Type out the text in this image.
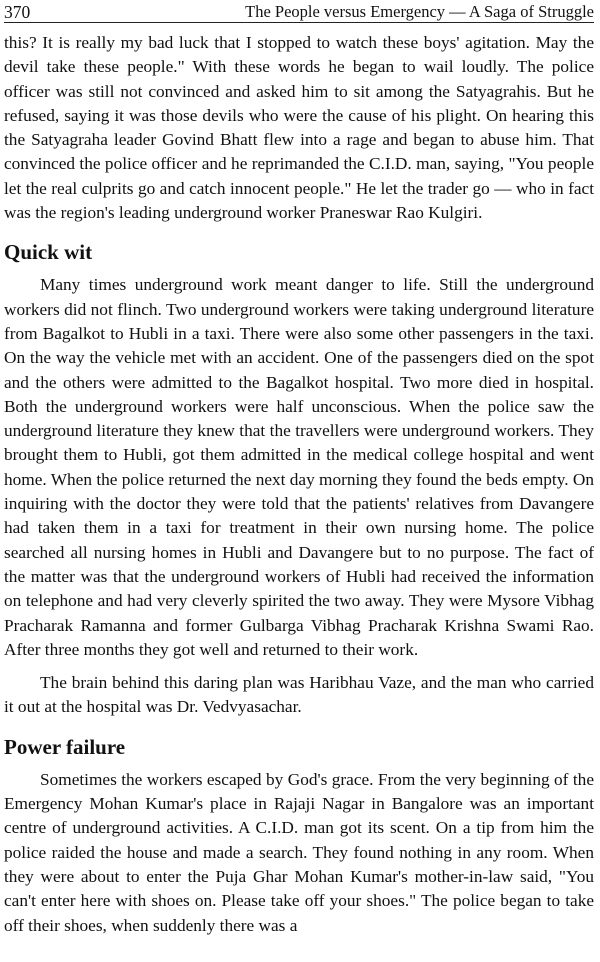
370	The People versus Emergency — A Saga of Struggle

this? It is really my bad luck that I stopped to watch these boys' agitation. May the devil take these people." With these words he began to wail loudly. The police officer was still not convinced and asked him to sit among the Satyagrahis. But he refused, saying it was those devils who were the cause of his plight. On hearing this the Satyagraha leader Govind Bhatt flew into a rage and began to abuse him. That convinced the police officer and he reprimanded the C.I.D. man, saying, "You people let the real culprits go and catch innocent people." He let the trader go — who in fact was the region's leading underground worker Praneswar Rao Kulgiri.

Quick wit

Many times underground work meant danger to life. Still the underground workers did not flinch. Two underground workers were taking underground literature from Bagalkot to Hubli in a taxi. There were also some other passengers in the taxi. On the way the vehicle met with an accident. One of the passengers died on the spot and the others were admitted to the Bagalkot hospital. Two more died in hospital. Both the underground workers were half unconscious. When the police saw the underground literature they knew that the travellers were underground workers. They brought them to Hubli, got them admitted in the medical college hospital and went home. When the police returned the next day morning they found the beds empty. On inquiring with the doctor they were told that the patients' relatives from Davangere had taken them in a taxi for treatment in their own nursing home. The police searched all nursing homes in Hubli and Davangere but to no purpose. The fact of the matter was that the underground workers of Hubli had received the information on telephone and had very cleverly spirited the two away. They were Mysore Vibhag Pracharak Ramanna and former Gulbarga Vibhag Pracharak Krishna Swami Rao. After three months they got well and returned to their work.

The brain behind this daring plan was Haribhau Vaze, and the man who carried it out at the hospital was Dr. Vedvyasachar.

Power failure

Sometimes the workers escaped by God's grace. From the very beginning of the Emergency Mohan Kumar's place in Rajaji Nagar in Bangalore was an important centre of underground activities. A C.I.D. man got its scent. On a tip from him the police raided the house and made a search. They found nothing in any room. When they were about to enter the Puja Ghar Mohan Kumar's mother-in-law said, "You can't enter here with shoes on. Please take off your shoes." The police began to take off their shoes, when suddenly there was a
